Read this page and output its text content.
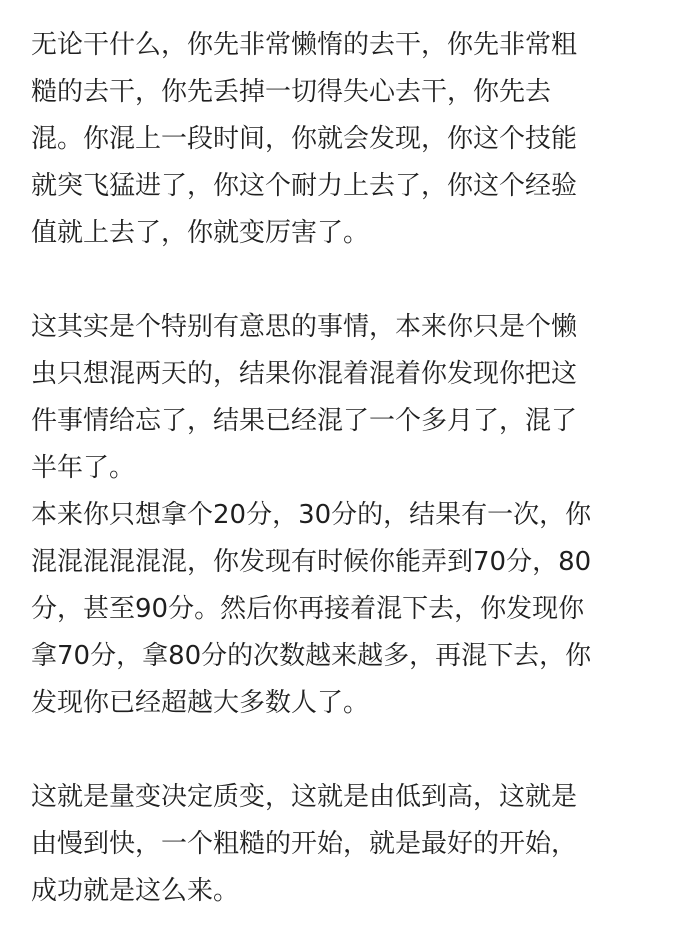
无论干什么，你先非常懒惰的去干，你先非常粗
糙的去干，你先丢掉一切得失心去干，你先去
混。你混上一段时间，你就会发现，你这个技能
就突飞猛进了，你这个耐力上去了，你这个经验
值就上去了，你就变厉害了。
这其实是个特别有意思的事情，本来你只是个懒
虫只想混两天的，结果你混着混着你发现你把这
件事情给忘了，结果已经混了一个多月了，混了
半年了。
本来你只想拿个20分，30分的，结果有一次，你
混混混混混混，你发现有时候你能弄到70分，80
分，甚至90分。然后你再接着混下去，你发现你
拿70分，拿80分的次数越来越多，再混下去，你
发现你已经超越大多数人了。
这就是量变决定质变，这就是由低到高，这就是
由慢到快，一个粗糙的开始，就是最好的开始，
成功就是这么来。
